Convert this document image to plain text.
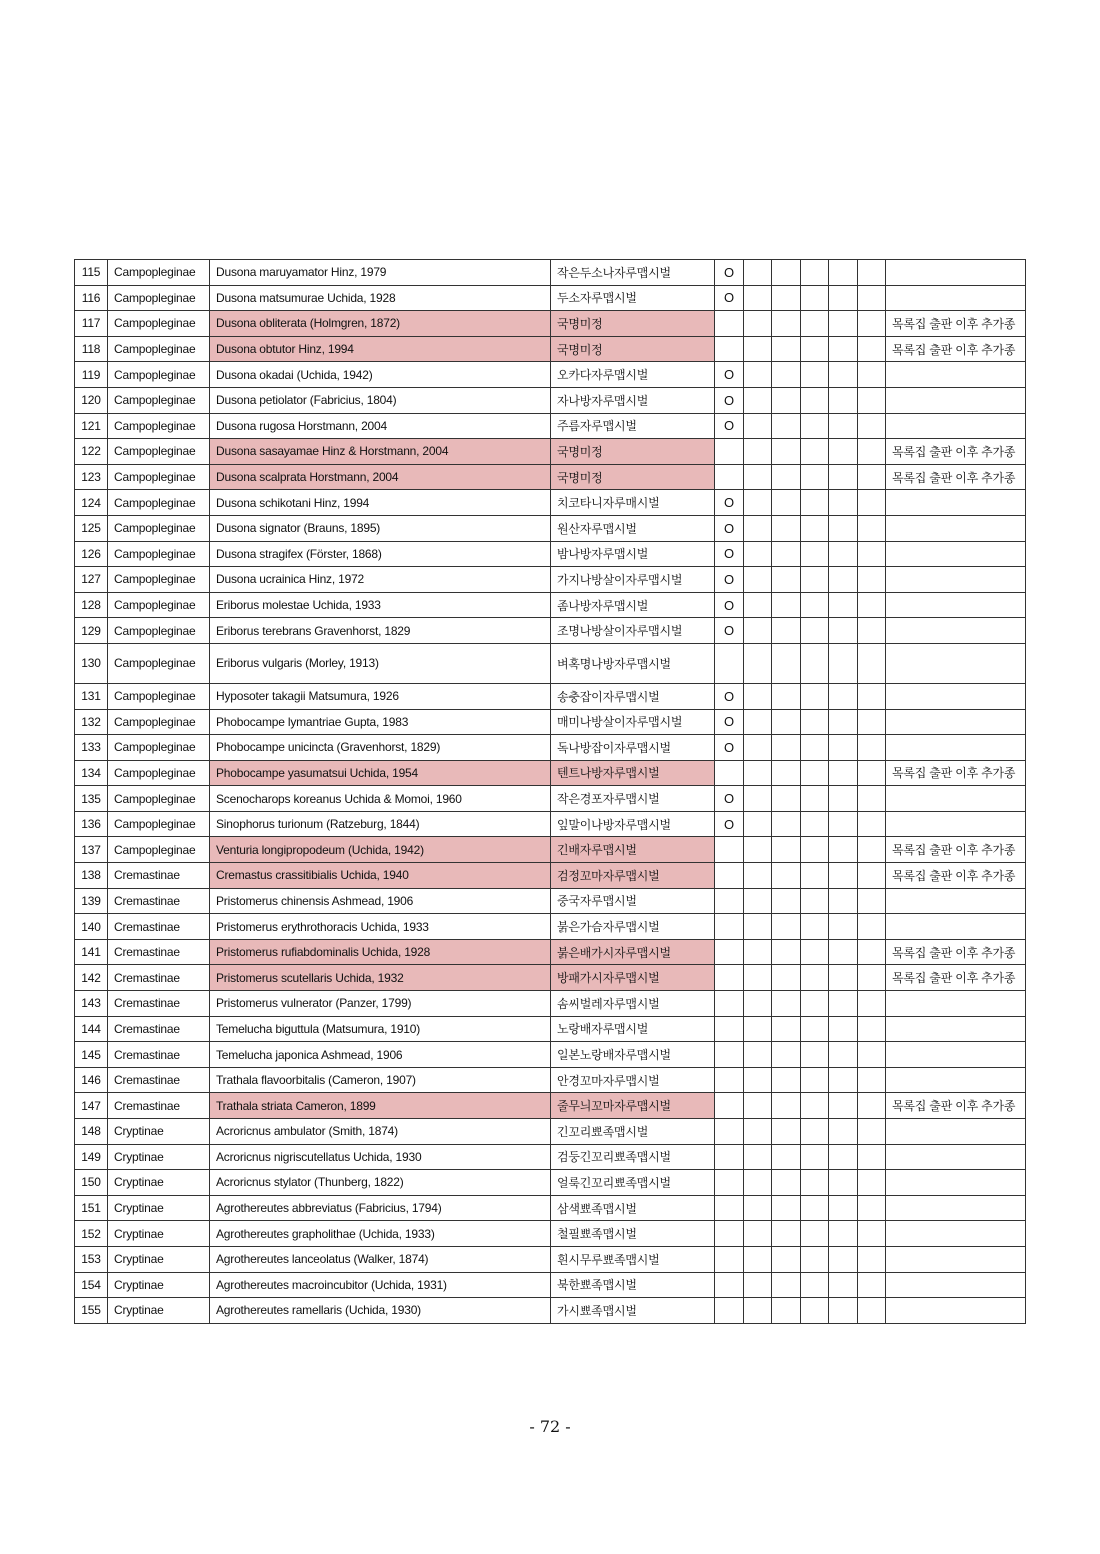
115	Campopleginae	Dusona maruyamator Hinz, 1979	작은두소나자루맵시벌	O						
116	Campopleginae	Dusona matsumurae Uchida, 1928	두소자루맵시벌	O						
117	Campopleginae	Dusona obliterata (Holmgren, 1872)	국명미정							목록집 출판 이후 추가종
118	Campopleginae	Dusona obtutor Hinz, 1994	국명미정							목록집 출판 이후 추가종
119	Campopleginae	Dusona okadai (Uchida, 1942)	오카다자루맵시벌	O						
120	Campopleginae	Dusona petiolator (Fabricius, 1804)	자나방자루맵시벌	O						
121	Campopleginae	Dusona rugosa Horstmann, 2004	주름자루맵시벌	O						
122	Campopleginae	Dusona sasayamae Hinz & Horstmann, 2004	국명미정							목록집 출판 이후 추가종
123	Campopleginae	Dusona scalprata Horstmann, 2004	국명미정							목록집 출판 이후 추가종
124	Campopleginae	Dusona schikotani Hinz, 1994	치코타니자루매시벌	O						
125	Campopleginae	Dusona signator (Brauns, 1895)	원산자루맵시벌	O						
126	Campopleginae	Dusona stragifex (Förster, 1868)	밤나방자루맵시벌	O						
127	Campopleginae	Dusona ucrainica Hinz, 1972	가지나방살이자루맵시벌	O						
128	Campopleginae	Eriborus molestae Uchida, 1933	좀나방자루맵시벌	O						
129	Campopleginae	Eriborus terebrans Gravenhorst, 1829	조명나방살이자루맵시벌	O						
130	Campopleginae	Eriborus vulgaris (Morley, 1913)	벼혹명나방자루맵시벌							
131	Campopleginae	Hyposoter takagii Matsumura, 1926	송충잡이자루맵시벌	O						
132	Campopleginae	Phobocampe lymantriae Gupta, 1983	매미나방살이자루맵시벌	O						
133	Campopleginae	Phobocampe unicincta (Gravenhorst, 1829)	독나방잡이자루맵시벌	O						
134	Campopleginae	Phobocampe yasumatsui Uchida, 1954	텐트나방자루맵시벌							목록집 출판 이후 추가종
135	Campopleginae	Scenocharops koreanus Uchida & Momoi, 1960	작은경포자루맵시벌	O						
136	Campopleginae	Sinophorus turionum (Ratzeburg, 1844)	잎말이나방자루맵시벌	O						
137	Campopleginae	Venturia longipropodeum (Uchida, 1942)	긴배자루맵시벌							목록집 출판 이후 추가종
138	Cremastinae	Cremastus crassitibialis Uchida, 1940	검정꼬마자루맵시벌							목록집 출판 이후 추가종
139	Cremastinae	Pristomerus chinensis Ashmead, 1906	중국자루맵시벌							
140	Cremastinae	Pristomerus erythrothoracis Uchida, 1933	붉은가슴자루맵시벌							
141	Cremastinae	Pristomerus rufiabdominalis Uchida, 1928	붉은배가시자루맵시벌							목록집 출판 이후 추가종
142	Cremastinae	Pristomerus scutellaris Uchida, 1932	방패가시자루맵시벌							목록집 출판 이후 추가종
143	Cremastinae	Pristomerus vulnerator (Panzer, 1799)	솜씨벌레자루맵시벌							
144	Cremastinae	Temelucha biguttula (Matsumura, 1910)	노랑배자루맵시벌							
145	Cremastinae	Temelucha japonica Ashmead, 1906	일본노랑배자루맵시벌							
146	Cremastinae	Trathala flavoorbitalis (Cameron, 1907)	안경꼬마자루맵시벌							
147	Cremastinae	Trathala striata Cameron, 1899	줄무늬꼬마자루맵시벌							목록집 출판 이후 추가종
148	Cryptinae	Acroricnus ambulator (Smith, 1874)	긴꼬리뾰족맵시벌							
149	Cryptinae	Acroricnus nigriscutellatus Uchida, 1930	검둥긴꼬리뾰족맵시벌							
150	Cryptinae	Acroricnus stylator (Thunberg, 1822)	얼룩긴꼬리뾰족맵시벌							
151	Cryptinae	Agrothereutes abbreviatus (Fabricius, 1794)	삼색뾰족맵시벌							
152	Cryptinae	Agrothereutes grapholithae (Uchida, 1933)	철필뾰족맵시벌							
153	Cryptinae	Agrothereutes lanceolatus (Walker, 1874)	흰시무루뾰족맵시벌							
154	Cryptinae	Agrothereutes macroincubitor (Uchida, 1931)	북한뾰족맵시벌							
155	Cryptinae	Agrothereutes ramellaris (Uchida, 1930)	가시뾰족맵시벌							
- 72 -
